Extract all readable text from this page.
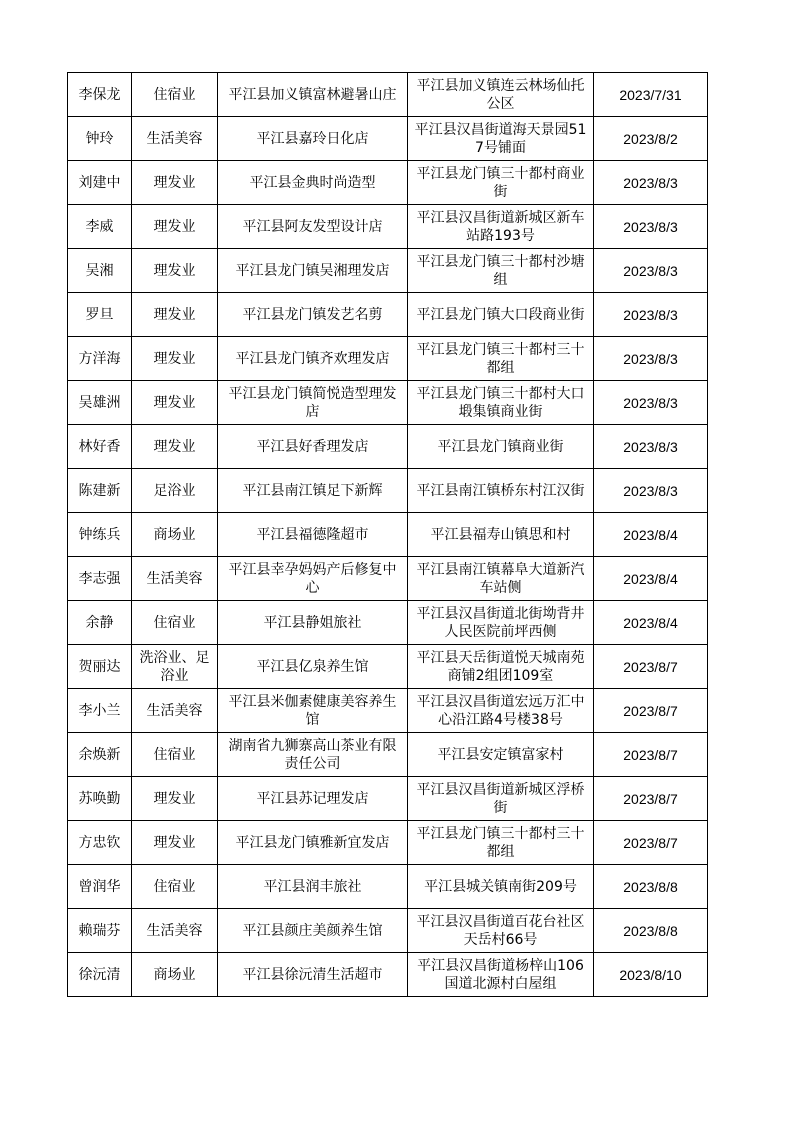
李保龙	住宿业	平江县加义镇富林避暑山庄	平江县加义镇连云林场仙托公区	2023/7/31
钟玲	生活美容	平江县嘉玲日化店	平江县汉昌街道海天景园517号铺面	2023/8/2
刘建中	理发业	平江县金典时尚造型	平江县龙门镇三十都村商业街	2023/8/3
李威	理发业	平江县阿友发型设计店	平江县汉昌街道新城区新车站路193号	2023/8/3
吴湘	理发业	平江县龙门镇吴湘理发店	平江县龙门镇三十都村沙塘组	2023/8/3
罗旦	理发业	平江县龙门镇发艺名剪	平江县龙门镇大口段商业街	2023/8/3
方洋海	理发业	平江县龙门镇齐欢理发店	平江县龙门镇三十都村三十都组	2023/8/3
吴雄洲	理发业	平江县龙门镇简悦造型理发店	平江县龙门镇三十都村大口塅集镇商业街	2023/8/3
林好香	理发业	平江县好香理发店	平江县龙门镇商业街	2023/8/3
陈建新	足浴业	平江县南江镇足下新辉	平江县南江镇桥东村江汉街	2023/8/3
钟练兵	商场业	平江县福德隆超市	平江县福寿山镇思和村	2023/8/4
李志强	生活美容	平江县幸孕妈妈产后修复中心	平江县南江镇幕阜大道新汽车站侧	2023/8/4
余静	住宿业	平江县静姐旅社	平江县汉昌街道北街坳背井人民医院前坪西侧	2023/8/4
贺丽达	洗浴业、足浴业	平江县亿泉养生馆	平江县天岳街道悦天城南苑商铺2组团109室	2023/8/7
李小兰	生活美容	平江县米伽素健康美容养生馆	平江县汉昌街道宏远万汇中心沿江路4号楼38号	2023/8/7
余焕新	住宿业	湖南省九狮寨高山茶业有限责任公司	平江县安定镇富家村	2023/8/7
苏唤勤	理发业	平江县苏记理发店	平江县汉昌街道新城区浮桥街	2023/8/7
方忠钦	理发业	平江县龙门镇雅新宜发店	平江县龙门镇三十都村三十都组	2023/8/7
曾润华	住宿业	平江县润丰旅社	平江县城关镇南街209号	2023/8/8
赖瑞芬	生活美容	平江县颜庄美颜养生馆	平江县汉昌街道百花台社区天岳村66号	2023/8/8
徐沅清	商场业	平江县徐沅清生活超市	平江县汉昌街道杨梓山106国道北源村白屋组	2023/8/10
